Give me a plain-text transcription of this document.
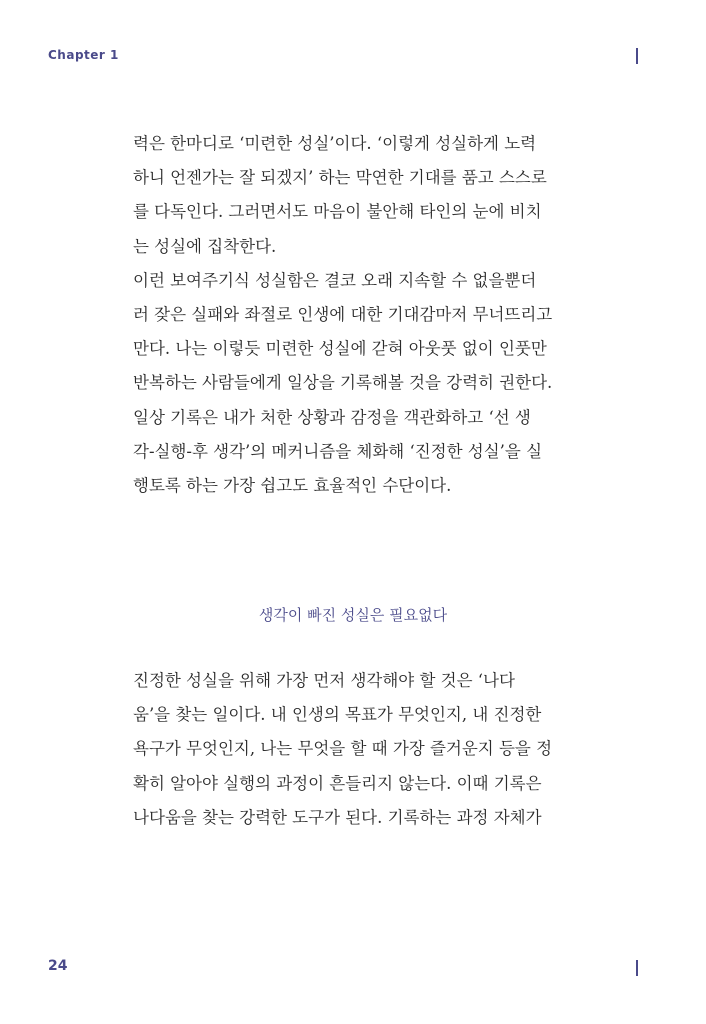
Chapter 1

력은 한마디로 ‘미련한 성실’이다. ‘이렇게 성실하게 노력
하니 언젠가는 잘 되겠지’ 하는 막연한 기대를 품고 스스로
를 다독인다. 그러면서도 마음이 불안해 타인의 눈에 비치
는 성실에 집착한다.

이런 보여주기식 성실함은 결코 오래 지속할 수 없을뿐더
러 잦은 실패와 좌절로 인생에 대한 기대감마저 무너뜨리고
만다. 나는 이렇듯 미련한 성실에 갇혀 아웃풋 없이 인풋만
반복하는 사람들에게 일상을 기록해볼 것을 강력히 권한다.
일상 기록은 내가 처한 상황과 감정을 객관화하고 ‘선 생
각-실행-후 생각’의 메커니즘을 체화해 ‘진정한 성실’을 실
행토록 하는 가장 쉽고도 효율적인 수단이다.

생각이 빠진 성실은 필요없다

진정한 성실을 위해 가장 먼저 생각해야 할 것은 ‘나다
움’을 찾는 일이다. 내 인생의 목표가 무엇인지, 내 진정한
욕구가 무엇인지, 나는 무엇을 할 때 가장 즐거운지 등을 정
확히 알아야 실행의 과정이 흔들리지 않는다. 이때 기록은
나다움을 찾는 강력한 도구가 된다. 기록하는 과정 자체가

24
